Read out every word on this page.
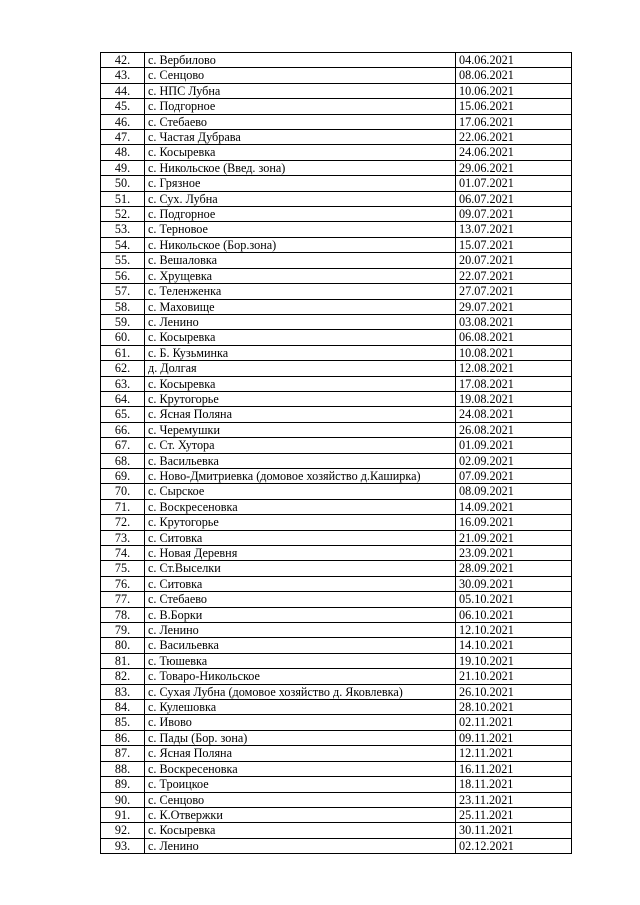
42.	с. Вербилово	04.06.2021
43.	с. Сенцово	08.06.2021
44.	с. НПС Лубна	10.06.2021
45.	с. Подгорное	15.06.2021
46.	с. Стебаево	17.06.2021
47.	с. Частая Дубрава	22.06.2021
48.	с. Косыревка	24.06.2021
49.	с. Никольское (Введ. зона)	29.06.2021
50.	с. Грязное	01.07.2021
51.	с. Сух. Лубна	06.07.2021
52.	с. Подгорное	09.07.2021
53.	с. Терновое	13.07.2021
54.	с. Никольское (Бор.зона)	15.07.2021
55.	с. Вешаловка	20.07.2021
56.	с. Хрущевка	22.07.2021
57.	с. Теленженка	27.07.2021
58.	с. Маховище	29.07.2021
59.	с. Ленино	03.08.2021
60.	с. Косыревка	06.08.2021
61.	с. Б. Кузьминка	10.08.2021
62.	д. Долгая	12.08.2021
63.	с. Косыревка	17.08.2021
64.	с. Крутогорье	19.08.2021
65.	с. Ясная Поляна	24.08.2021
66.	с. Черемушки	26.08.2021
67.	с. Ст. Хутора	01.09.2021
68.	с. Васильевка	02.09.2021
69.	с. Ново-Дмитриевка (домовое хозяйство д.Каширка)	07.09.2021
70.	с. Сырское	08.09.2021
71.	с. Воскресеновка	14.09.2021
72.	с. Крутогорье	16.09.2021
73.	с. Ситовка	21.09.2021
74.	с. Новая Деревня	23.09.2021
75.	с. Ст.Выселки	28.09.2021
76.	с. Ситовка	30.09.2021
77.	с. Стебаево	05.10.2021
78.	с. В.Борки	06.10.2021
79.	с. Ленино	12.10.2021
80.	с. Васильевка	14.10.2021
81.	с. Тюшевка	19.10.2021
82.	с. Товаро-Никольское	21.10.2021
83.	с. Сухая Лубна (домовое хозяйство д. Яковлевка)	26.10.2021
84.	с. Кулешовка	28.10.2021
85.	с. Ивово	02.11.2021
86.	с. Пады (Бор. зона)	09.11.2021
87.	с. Ясная Поляна	12.11.2021
88.	с. Воскресеновка	16.11.2021
89.	с. Троицкое	18.11.2021
90.	с. Сенцово	23.11.2021
91.	с. К.Отвержки	25.11.2021
92.	с. Косыревка	30.11.2021
93.	с. Ленино	02.12.2021
